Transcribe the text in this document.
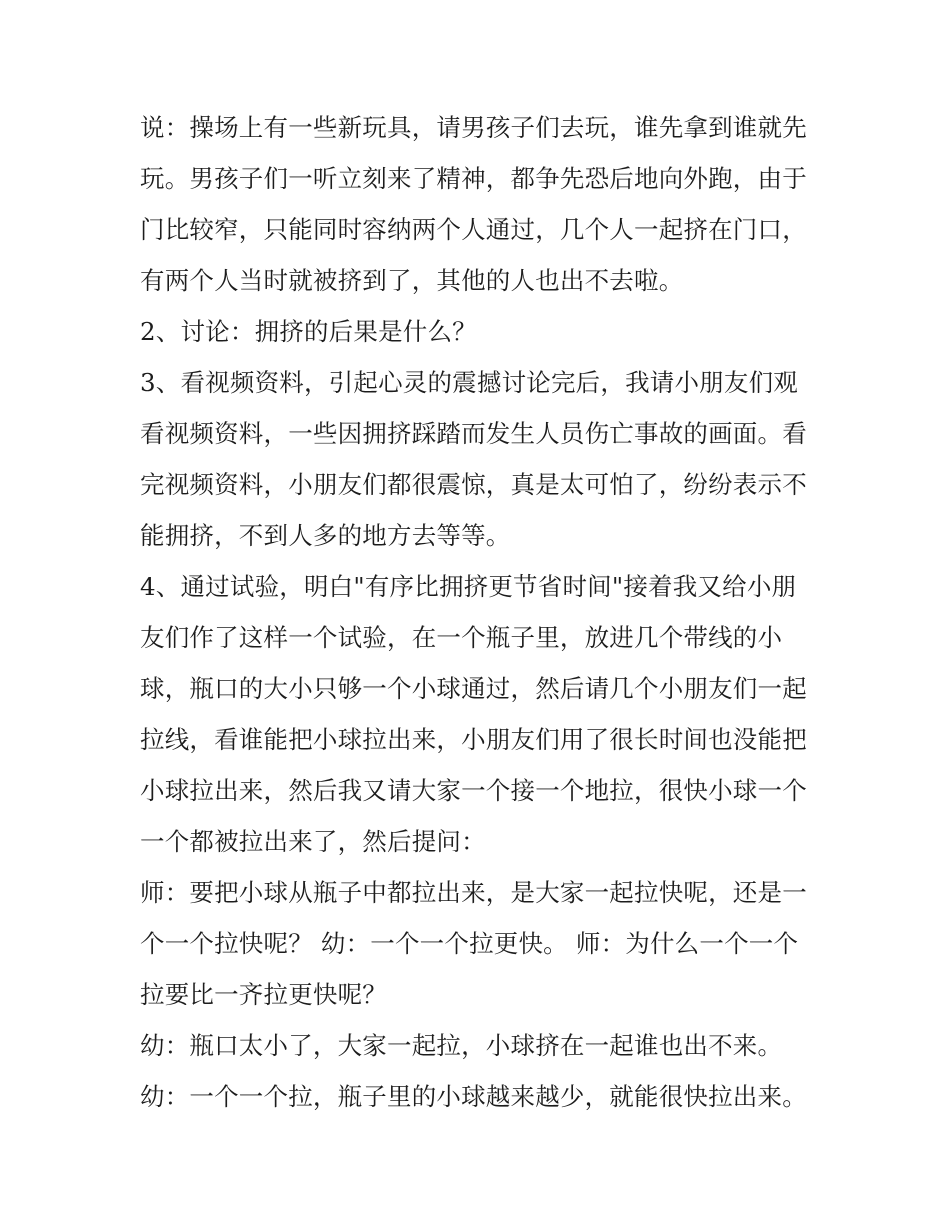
说：操场上有一些新玩具，请男孩子们去玩，谁先拿到谁就先
玩。男孩子们一听立刻来了精神，都争先恐后地向外跑，由于
门比较窄，只能同时容纳两个人通过，几个人一起挤在门口，
有两个人当时就被挤到了，其他的人也出不去啦。
2、讨论：拥挤的后果是什么？
3、看视频资料，引起心灵的震撼讨论完后，我请小朋友们观
看视频资料，一些因拥挤踩踏而发生人员伤亡事故的画面。看
完视频资料，小朋友们都很震惊，真是太可怕了，纷纷表示不
能拥挤，不到人多的地方去等等。
4、通过试验，明白"有序比拥挤更节省时间"接着我又给小朋
友们作了这样一个试验，在一个瓶子里，放进几个带线的小
球，瓶口的大小只够一个小球通过，然后请几个小朋友们一起
拉线，看谁能把小球拉出来，小朋友们用了很长时间也没能把
小球拉出来，然后我又请大家一个接一个地拉，很快小球一个
一个都被拉出来了，然后提问：
师：要把小球从瓶子中都拉出来，是大家一起拉快呢，还是一
个一个拉快呢？ 幼：一个一个拉更快。 师：为什么一个一个
拉要比一齐拉更快呢？
幼：瓶口太小了，大家一起拉，小球挤在一起谁也出不来。
幼：一个一个拉，瓶子里的小球越来越少，就能很快拉出来。
